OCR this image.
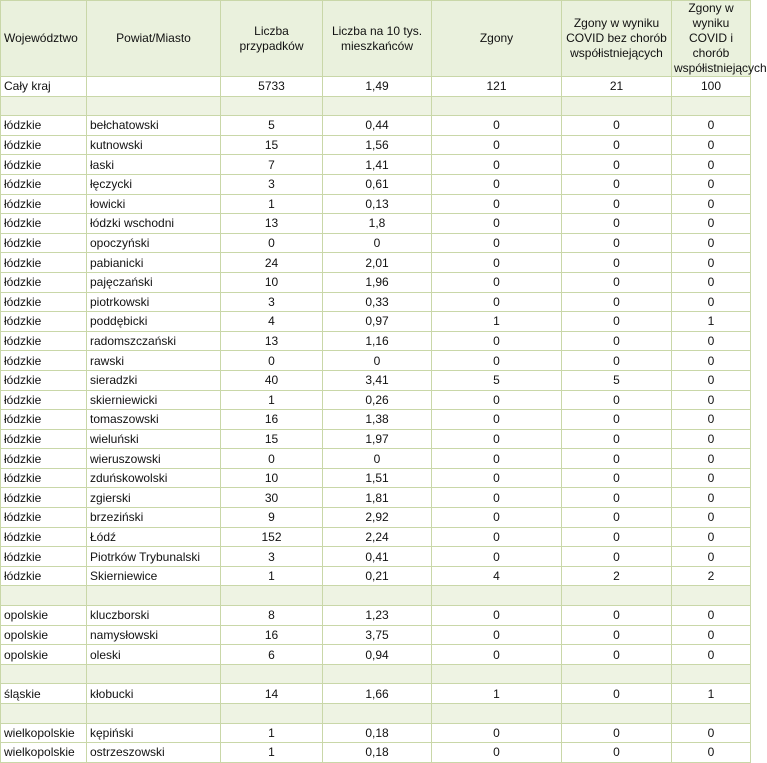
Województwo	Powiat/Miasto	Liczba przypadków	Liczba na 10 tys. mieszkańców	Zgony	Zgony w wyniku COVID bez chorób współistniejących	Zgony w wyniku COVID i chorób współistniejących
Cały kraj		5733	1,49	121	21	100

łódzkie	bełchatowski	5	0,44	0	0	0
łódzkie	kutnowski	15	1,56	0	0	0
łódzkie	łaski	7	1,41	0	0	0
łódzkie	łęczycki	3	0,61	0	0	0
łódzkie	łowicki	1	0,13	0	0	0
łódzkie	łódzki wschodni	13	1,8	0	0	0
łódzkie	opoczyński	0	0	0	0	0
łódzkie	pabianicki	24	2,01	0	0	0
łódzkie	pajęczański	10	1,96	0	0	0
łódzkie	piotrkowski	3	0,33	0	0	0
łódzkie	poddębicki	4	0,97	1	0	1
łódzkie	radomszczański	13	1,16	0	0	0
łódzkie	rawski	0	0	0	0	0
łódzkie	sieradzki	40	3,41	5	5	0
łódzkie	skierniewicki	1	0,26	0	0	0
łódzkie	tomaszowski	16	1,38	0	0	0
łódzkie	wieluński	15	1,97	0	0	0
łódzkie	wieruszowski	0	0	0	0	0
łódzkie	zduńskowolski	10	1,51	0	0	0
łódzkie	zgierski	30	1,81	0	0	0
łódzkie	brzeziński	9	2,92	0	0	0
łódzkie	Łódź	152	2,24	0	0	0
łódzkie	Piotrków Trybunalski	3	0,41	0	0	0
łódzkie	Skierniewice	1	0,21	4	2	2

opolskie	kluczborski	8	1,23	0	0	0
opolskie	namysłowski	16	3,75	0	0	0
opolskie	oleski	6	0,94	0	0	0

śląskie	kłobucki	14	1,66	1	0	1

wielkopolskie	kępiński	1	0,18	0	0	0
wielkopolskie	ostrzeszowski	1	0,18	0	0	0
